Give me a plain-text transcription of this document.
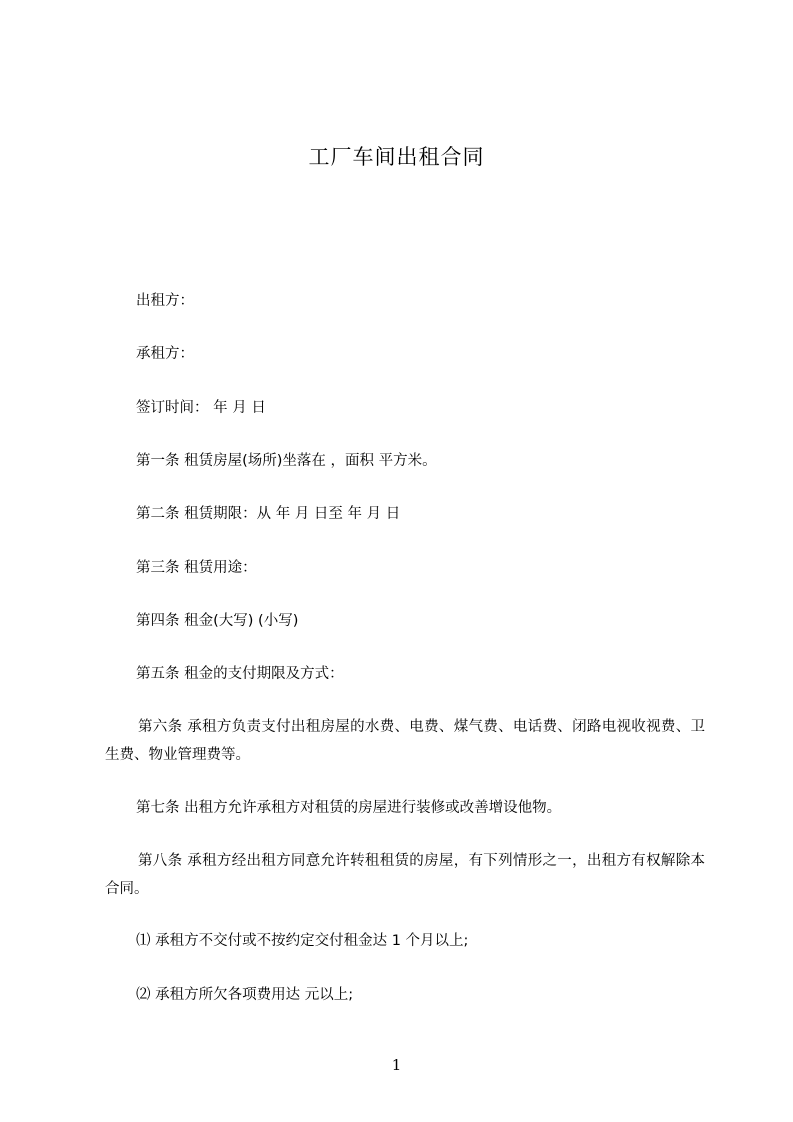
工厂车间出租合同
出租方：
承租方：
签订时间： 年 月 日
第一条 租赁房屋(场所)坐落在 ，面积 平方米。
第二条 租赁期限：从 年 月 日至 年 月 日
第三条 租赁用途：
第四条 租金(大写) (小写)
第五条 租金的支付期限及方式：
第六条 承租方负责支付出租房屋的水费、电费、煤气费、电话费、闭路电视收视费、卫生费、物业管理费等。
第七条 出租方允许承租方对租赁的房屋进行装修或改善增设他物。
第八条 承租方经出租方同意允许转租租赁的房屋，有下列情形之一，出租方有权解除本合同。
⑴ 承租方不交付或不按约定交付租金达 1 个月以上;
⑵ 承租方所欠各项费用达 元以上;
1
